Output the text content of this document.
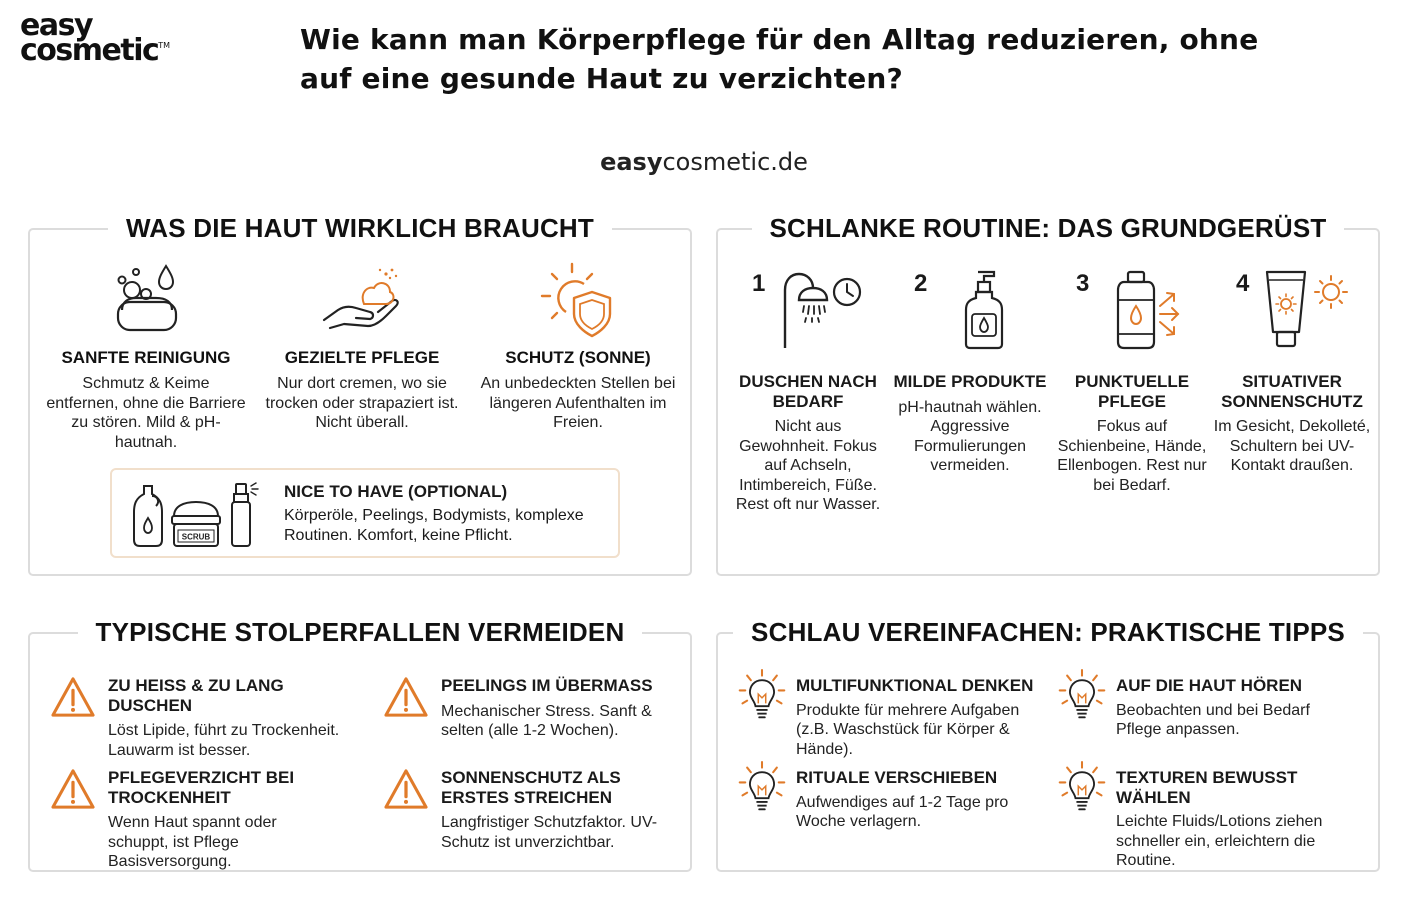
easy
cosmetic™	Wie kann man Körperpflege für den Alltag reduzieren, ohne auf eine gesunde Haut zu verzichten?
easycosmetic.de
WAS DIE HAUT WIRKLICH BRAUCHT
SANFTE REINIGUNG

Schmutz & Keime entfernen, ohne die Barriere zu stören. Mild & pH-hautnah.

GEZIELTE PFLEGE

Nur dort cremen, wo sie trocken oder strapaziert ist. Nicht überall.

SCHUTZ (SONNE)

An unbedeckten Stellen bei längeren Aufenthalten im Freien.

SCRUB
NICE TO HAVE (OPTIONAL)

Körperöle, Peelings, Bodymists, komplexe Routinen. Komfort, keine Pflicht.

SCHLANKE ROUTINE: DAS GRUNDGERÜST
1
DUSCHEN NACH BEDARF

Nicht aus Gewohnheit. Fokus auf Achseln, Intimbereich, Füße. Rest oft nur Wasser.

2
MILDE PRODUKTE

pH-hautnah wählen. Aggressive Formulierungen vermeiden.

3
PUNKTUELLE PFLEGE

Fokus auf Schienbeine, Hände, Ellenbogen. Rest nur bei Bedarf.

4
SITUATIVER SONNENSCHUTZ

Im Gesicht, Dekolleté, Schultern bei UV-Kontakt draußen.

TYPISCHE STOLPERFALLEN VERMEIDEN
ZU HEISS & ZU LANG DUSCHEN

Löst Lipide, führt zu Trockenheit. Lauwarm ist besser.

PEELINGS IM ÜBERMASS

Mechanischer Stress. Sanft & selten (alle 1-2 Wochen).

PFLEGEVERZICHT BEI TROCKENHEIT

Wenn Haut spannt oder schuppt, ist Pflege Basisversorgung.

SONNENSCHUTZ ALS ERSTES STREICHEN

Langfristiger Schutzfaktor. UV-Schutz ist unverzichtbar.

SCHLAU VEREINFACHEN: PRAKTISCHE TIPPS
MULTIFUNKTIONAL DENKEN

Produkte für mehrere Aufgaben (z.B. Waschstück für Körper & Hände).

AUF DIE HAUT HÖREN

Beobachten und bei Bedarf Pflege anpassen.

RITUALE VERSCHIEBEN

Aufwendiges auf 1-2 Tage pro Woche verlagern.

TEXTUREN BEWUSST WÄHLEN

Leichte Fluids/Lotions ziehen schneller ein, erleichtern die Routine.
